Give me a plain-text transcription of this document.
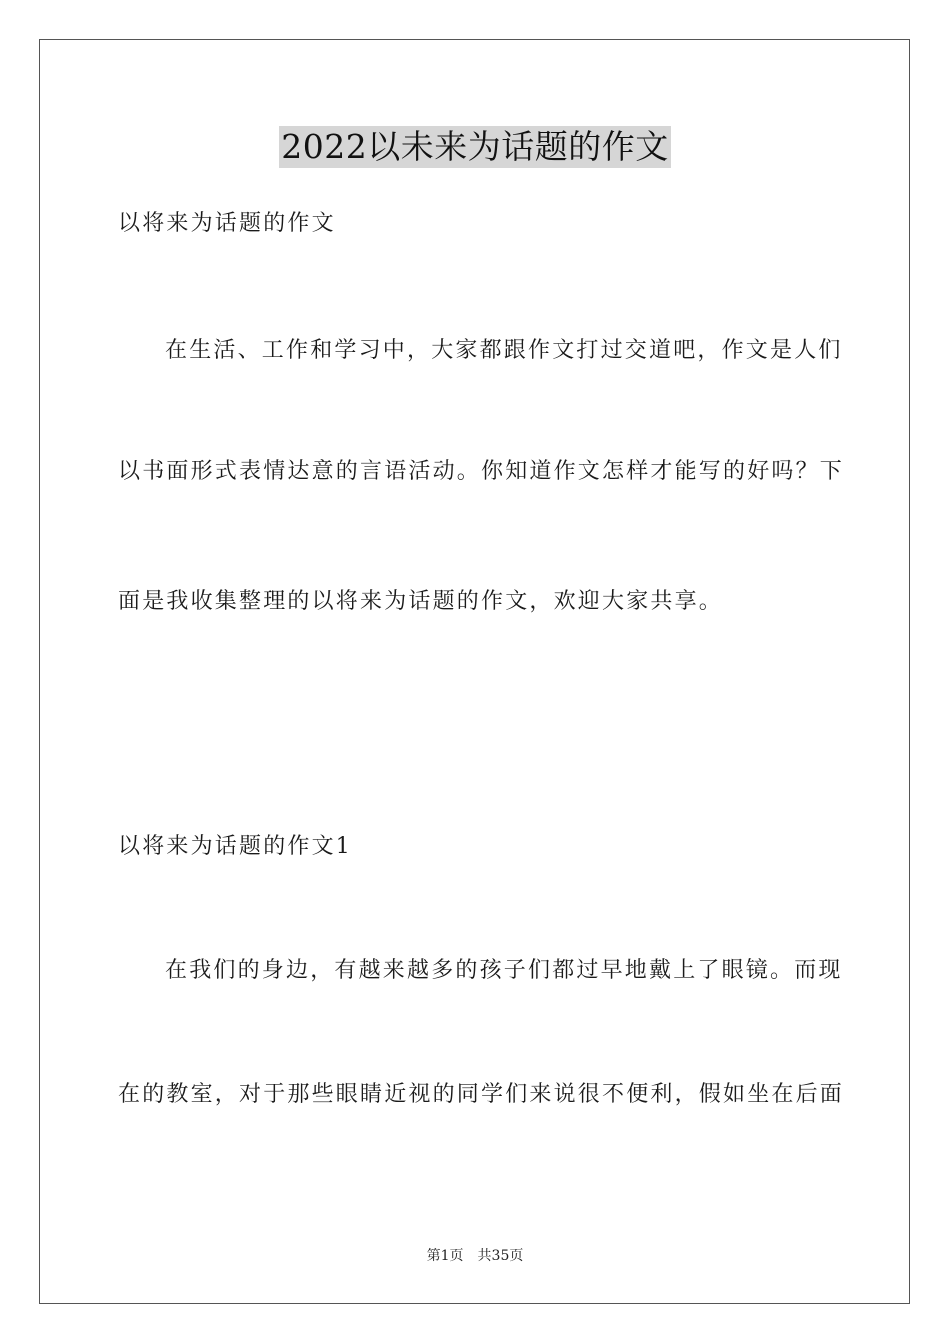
2022以未来为话题的作文
以将来为话题的作文
在生活、工作和学习中，大家都跟作文打过交道吧，作文是人们
以书面形式表情达意的言语活动。你知道作文怎样才能写的好吗？下
面是我收集整理的以将来为话题的作文，欢迎大家共享。
以将来为话题的作文1
在我们的身边，有越来越多的孩子们都过早地戴上了眼镜。而现
在的教室，对于那些眼睛近视的同学们来说很不便利，假如坐在后面
第1页 共35页
